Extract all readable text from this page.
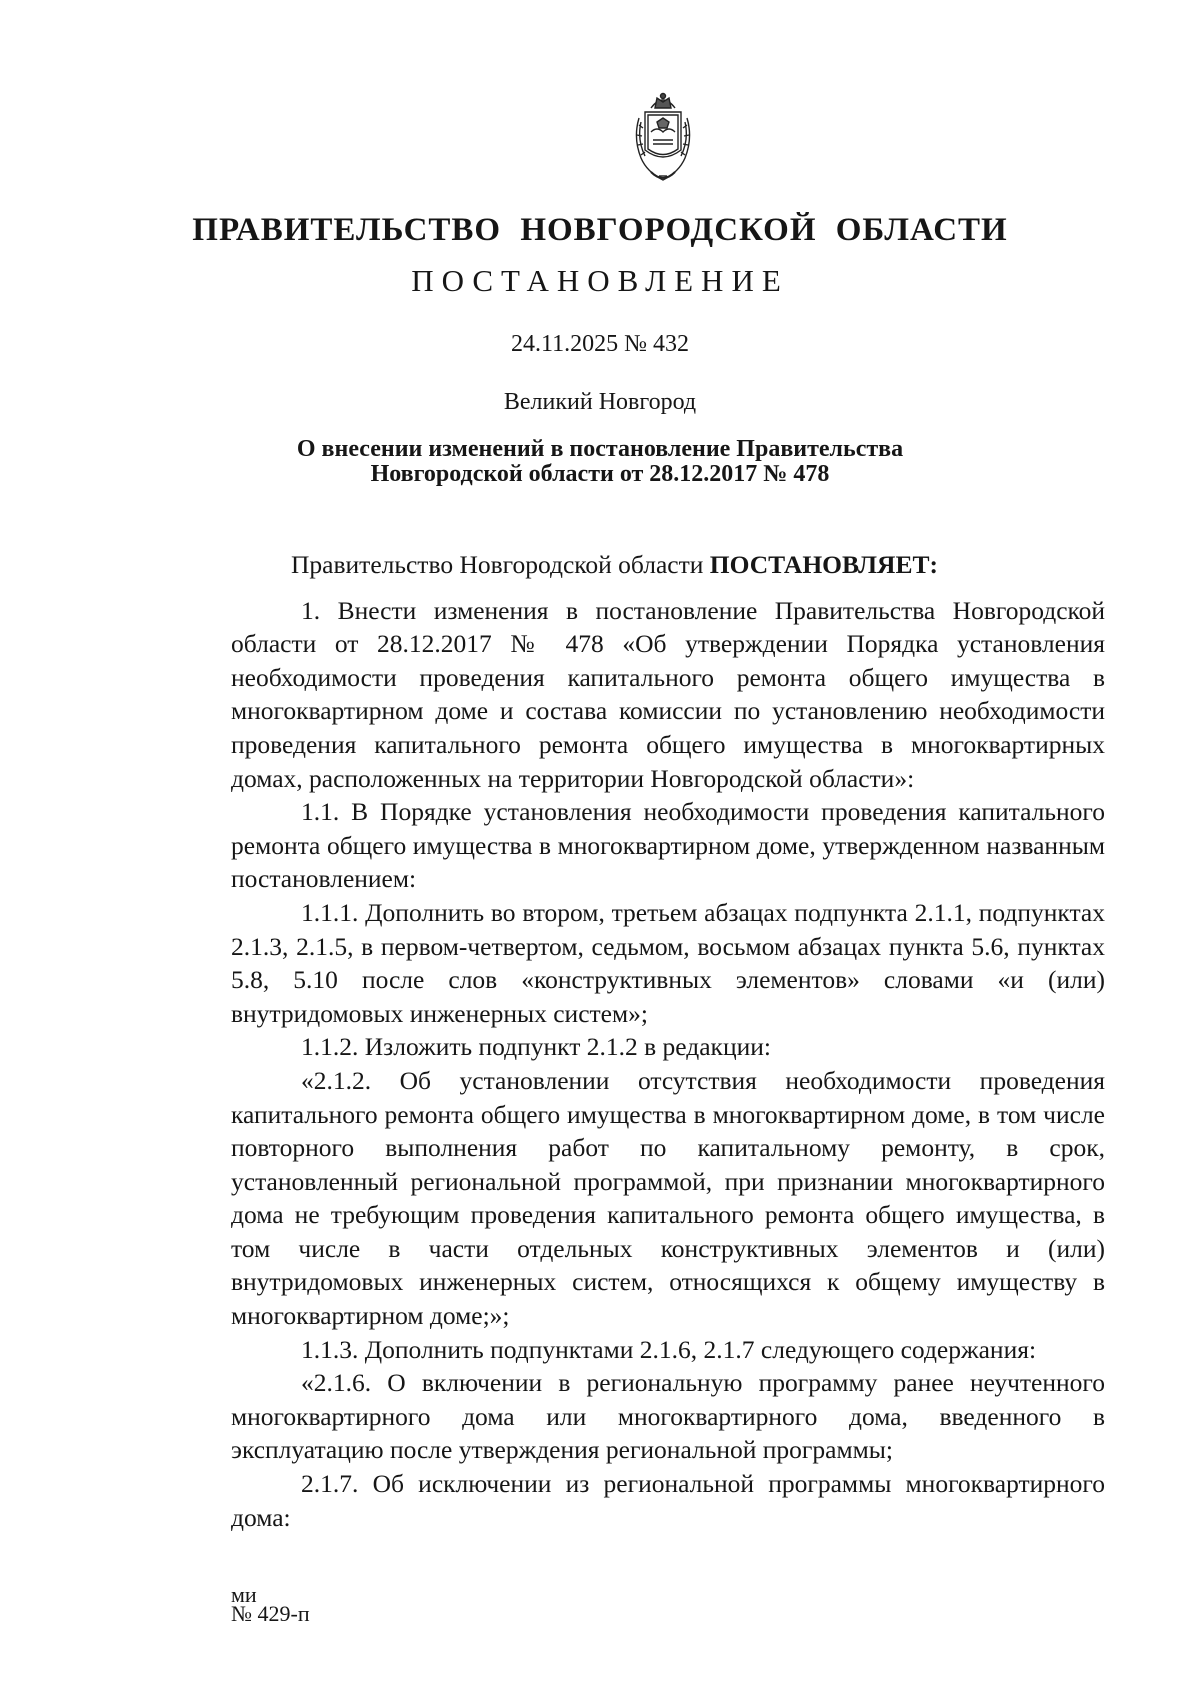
ПРАВИТЕЛЬСТВО НОВГОРОДСКОЙ ОБЛАСТИ
ПОСТАНОВЛЕНИЕ
24.11.2025 № 432
Великий Новгород
О внесении изменений в постановление Правительства
Новгородской области от 28.12.2017 № 478

Правительство Новгородской области ПОСТАНОВЛЯЕТ:

1. Внести изменения в постановление Правительства Новгородской области от 28.12.2017 № 478 «Об утверждении Порядка установления необходимости проведения капитального ремонта общего имущества в многоквартирном доме и состава комиссии по установлению необходимости проведения капитального ремонта общего имущества в многоквартирных домах, расположенных на территории Новгородской области»:

1.1. В Порядке установления необходимости проведения капитального ремонта общего имущества в многоквартирном доме, утвержденном названным постановлением:

1.1.1. Дополнить во втором, третьем абзацах подпункта 2.1.1, подпунктах 2.1.3, 2.1.5, в первом-четвертом, седьмом, восьмом абзацах пункта 5.6, пунктах 5.8, 5.10 после слов «конструктивных элементов» словами «и (или) внутридомовых инженерных систем»;

1.1.2. Изложить подпункт 2.1.2 в редакции:

«2.1.2. Об установлении отсутствия необходимости проведения капитального ремонта общего имущества в многоквартирном доме, в том числе повторного выполнения работ по капитальному ремонту, в срок, установленный региональной программой, при признании многоквартирного дома не требующим проведения капитального ремонта общего имущества, в том числе в части отдельных конструктивных элементов и (или) внутридомовых инженерных систем, относящихся к общему имуществу в многоквартирном доме;»;

1.1.3. Дополнить подпунктами 2.1.6, 2.1.7 следующего содержания:

«2.1.6. О включении в региональную программу ранее неучтенного многоквартирного дома или многоквартирного дома, введенного в эксплуатацию после утверждения региональной программы;

2.1.7. Об исключении из региональной программы многоквартирного дома:

ми
№ 429-п
